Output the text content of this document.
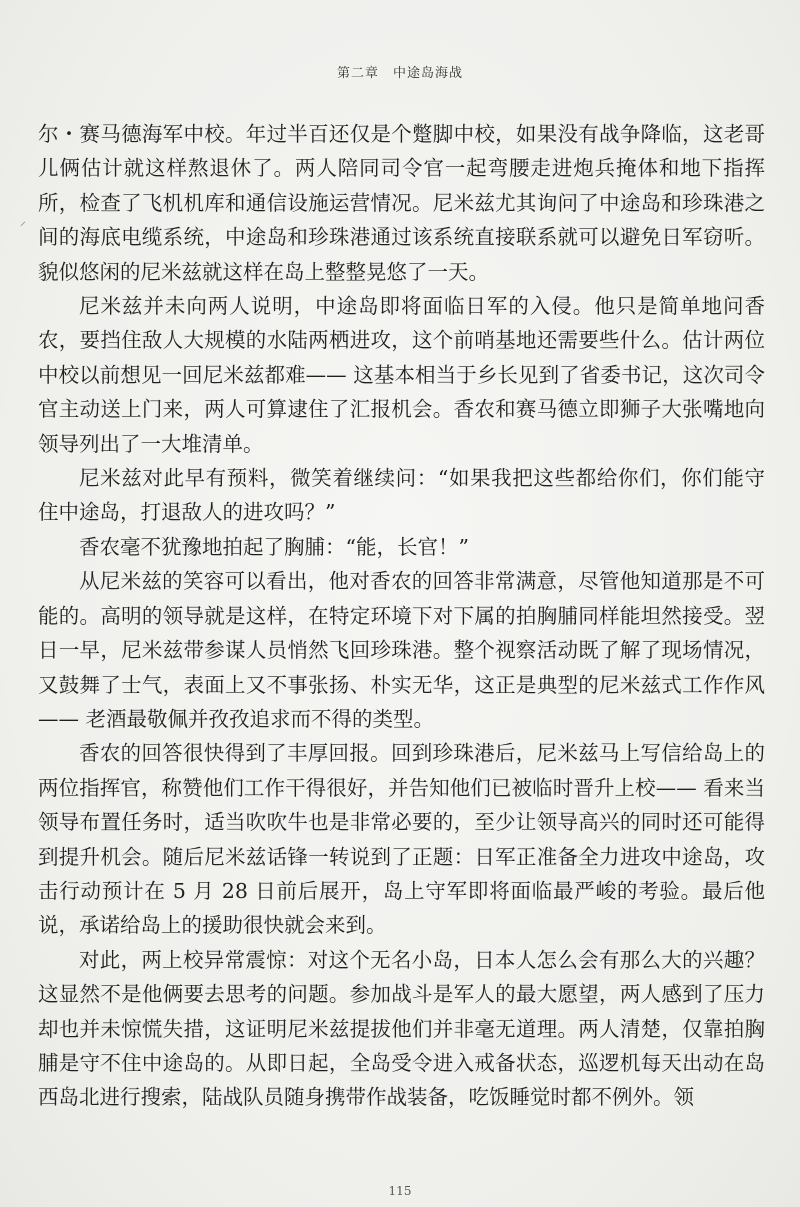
第二章　中途岛海战
⸝

尔・赛马德海军中校。年过半百还仅是个蹩脚中校，如果没有战争降临，这老哥儿俩估计就这样熬退休了。两人陪同司令官一起弯腰走进炮兵掩体和地下指挥所，检查了飞机机库和通信设施运营情况。尼米兹尤其询问了中途岛和珍珠港之间的海底电缆系统，中途岛和珍珠港通过该系统直接联系就可以避免日军窃听。貌似悠闲的尼米兹就这样在岛上整整晃悠了一天。

尼米兹并未向两人说明，中途岛即将面临日军的入侵。他只是简单地问香农，要挡住敌人大规模的水陆两栖进攻，这个前哨基地还需要些什么。估计两位中校以前想见一回尼米兹都难—— 这基本相当于乡长见到了省委书记，这次司令官主动送上门来，两人可算逮住了汇报机会。香农和赛马德立即狮子大张嘴地向领导列出了一大堆清单。

尼米兹对此早有预料，微笑着继续问：“如果我把这些都给你们，你们能守住中途岛，打退敌人的进攻吗？”

香农毫不犹豫地拍起了胸脯：“能，长官！”

从尼米兹的笑容可以看出，他对香农的回答非常满意，尽管他知道那是不可能的。高明的领导就是这样，在特定环境下对下属的拍胸脯同样能坦然接受。翌日一早，尼米兹带参谋人员悄然飞回珍珠港。整个视察活动既了解了现场情况，又鼓舞了士气，表面上又不事张扬、朴实无华，这正是典型的尼米兹式工作作风—— 老酒最敬佩并孜孜追求而不得的类型。

香农的回答很快得到了丰厚回报。回到珍珠港后，尼米兹马上写信给岛上的两位指挥官，称赞他们工作干得很好，并告知他们已被临时晋升上校—— 看来当领导布置任务时，适当吹吹牛也是非常必要的，至少让领导高兴的同时还可能得到提升机会。随后尼米兹话锋一转说到了正题：日军正准备全力进攻中途岛，攻击行动预计在 5 月 28 日前后展开，岛上守军即将面临最严峻的考验。最后他说，承诺给岛上的援助很快就会来到。

对此，两上校异常震惊：对这个无名小岛，日本人怎么会有那么大的兴趣？这显然不是他俩要去思考的问题。参加战斗是军人的最大愿望，两人感到了压力却也并未惊慌失措，这证明尼米兹提拔他们并非毫无道理。两人清楚，仅靠拍胸脯是守不住中途岛的。从即日起，全岛受令进入戒备状态，巡逻机每天出动在岛西岛北进行搜索，陆战队员随身携带作战装备，吃饭睡觉时都不例外。领

115
